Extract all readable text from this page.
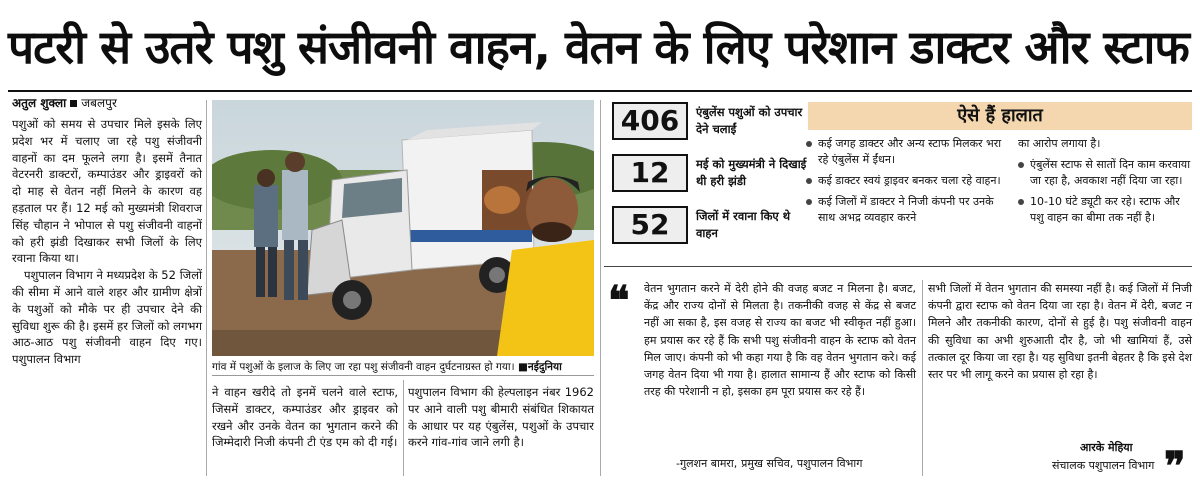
पटरी से उतरे पशु संजीवनी वाहन, वेतन के लिए परेशान डाक्टर और स्टाफ
अतुल शुक्ला जबलपुर

पशुओं को समय से उपचार मिले इसके लिए प्रदेश भर में चलाए जा रहे पशु संजीवनी वाहनों का दम फूलने लगा है। इसमें तैनात वेटरनरी डाक्टरों, कम्पाउंडर और ड्राइवरों को दो माह से वेतन नहीं मिलने के कारण वह हड़ताल पर हैं। 12 मई को मुख्यमंत्री शिवराज सिंह चौहान ने भोपाल से पशु संजीवनी वाहनों को हरी झंडी दिखाकर सभी जिलों के लिए रवाना किया था।

पशुपालन विभाग ने मध्यप्रदेश के 52 जिलों की सीमा में आने वाले शहर और ग्रामीण क्षेत्रों के पशुओं को मौके पर ही उपचार देने की सुविधा शुरू की है। इसमें हर जिलों को लगभग आठ-आठ पशु संजीवनी वाहन दिए गए। पशुपालन विभाग

गांव में पशुओं के इलाज के लिए जा रहा पशु संजीवनी वाहन दुर्घटनाग्रस्त हो गया। ■नईदुनिया

ने वाहन खरीदे तो इनमें चलने वाले स्टाफ, जिसमें डाक्टर, कम्पाउंडर और ड्राइवर को रखने और उनके वेतन का भुगतान करने की जिम्मेदारी निजी कंपनी टी एंड एम को दी गई।

पशुपालन विभाग की हेल्पलाइन नंबर 1962 पर आने वाली पशु बीमारी संबंधित शिकायत के आधार पर यह एंबुलेंस, पशुओं के उपचार करने गांव-गांव जाने लगी है।

406	एंबुलेंस पशुओं को उपचार देने चलाईं
12	मई को मुख्यमंत्री ने दिखाई थी हरी झंडी
52	जिलों में रवाना किए थे वाहन
ऐसे हैं हालात
कई जगह डाक्टर और अन्य स्टाफ मिलकर भरा रहे एंबुलेंस में ईंधन।
कई डाक्टर स्वयं ड्राइवर बनकर चला रहे वाहन।
कई जिलों में डाक्टर ने निजी कंपनी पर उनके साथ अभद्र व्यवहार करने
का आरोप लगाया है।
एंबुलेंस स्टाफ से सातों दिन काम करवाया जा रहा है, अवकाश नहीं दिया जा रहा।
10-10 घंटे ड्यूटी कर रहे। स्टाफ और पशु वाहन का बीमा तक नहीं है।
❝ वेतन भुगतान करने में देरी होने की वजह बजट न मिलना है। बजट, केंद्र और राज्य दोनों से मिलता है। तकनीकी वजह से केंद्र से बजट नहीं आ सका है, इस वजह से राज्य का बजट भी स्वीकृत नहीं हुआ। हम प्रयास कर रहे हैं कि सभी पशु संजीवनी वाहन के स्टाफ को वेतन मिल जाए। कंपनी को भी कहा गया है कि वह वेतन भुगतान करे। कई जगह वेतन दिया भी गया है। हालात सामान्य हैं और स्टाफ को किसी तरह की परेशानी न हो, इसका हम पूरा प्रयास कर रहे हैं।
-गुलशन बामरा, प्रमुख सचिव, पशुपालन विभाग
सभी जिलों में वेतन भुगतान की समस्या नहीं है। कई जिलों में निजी कंपनी द्वारा स्टाफ को वेतन दिया जा रहा है। वेतन में देरी, बजट न मिलने और तकनीकी कारण, दोनों से हुई है। पशु संजीवनी वाहन की सुविधा का अभी शुरुआती दौर है, जो भी खामियां हैं, उसे तत्काल दूर किया जा रहा है। यह सुविधा इतनी बेहतर है कि इसे देश स्तर पर भी लागू करने का प्रयास हो रहा है।
आरके मेहिया
संचालक पशुपालन विभाग ❞
